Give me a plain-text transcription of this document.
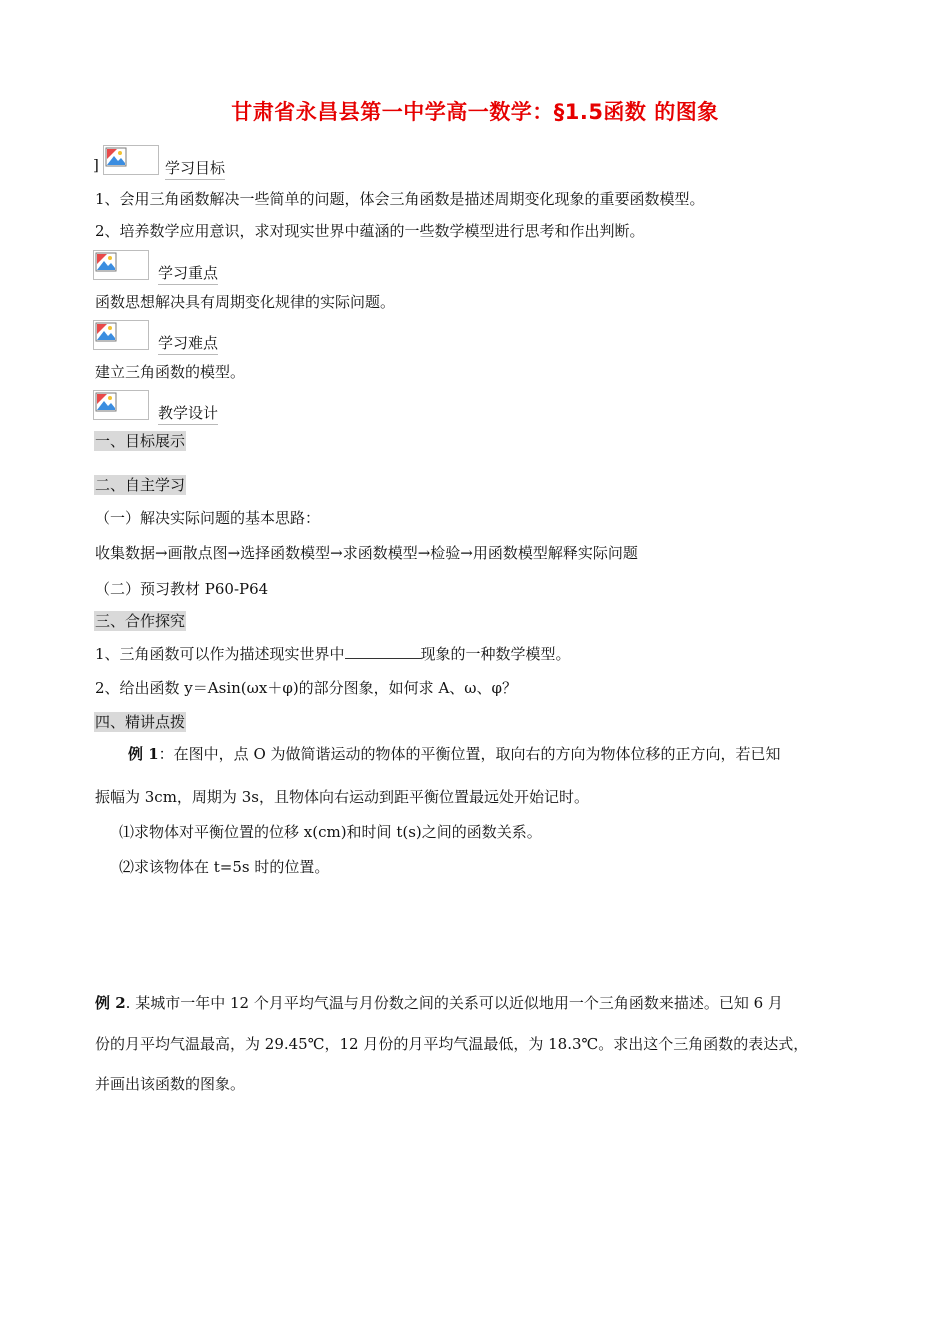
甘肃省永昌县第一中学高一数学：§1.5函数 的图象
]	学习目标
1、会用三角函数解决一些简单的问题，体会三角函数是描述周期变化现象的重要函数模型。
2、培养数学应用意识，求对现实世界中蕴涵的一些数学模型进行思考和作出判断。
学习重点
函数思想解决具有周期变化规律的实际问题。
学习难点
建立三角函数的模型。
教学设计
一、目标展示
二、自主学习
（一）解决实际问题的基本思路：
收集数据→画散点图→选择函数模型→求函数模型→检验→用函数模型解释实际问题
（二）预习教材 P60-P64
三、合作探究
1、三角函数可以作为描述现实世界中	现象的一种数学模型。
2、给出函数 y＝Asin(ωx＋φ)的部分图象，如何求 A、ω、φ？
四、精讲点拨
例 1：在图中，点 O 为做简谐运动的物体的平衡位置，取向右的方向为物体位移的正方向，若已知
振幅为 3cm，周期为 3s，且物体向右运动到距平衡位置最远处开始记时。
⑴求物体对平衡位置的位移 x(cm)和时间 t(s)之间的函数关系。
⑵求该物体在 t=5s 时的位置。
例 2. 某城市一年中 12 个月平均气温与月份数之间的关系可以近似地用一个三角函数来描述。已知 6 月
份的月平均气温最高，为 29.45℃，12 月份的月平均气温最低，为 18.3℃。求出这个三角函数的表达式，
并画出该函数的图象。
